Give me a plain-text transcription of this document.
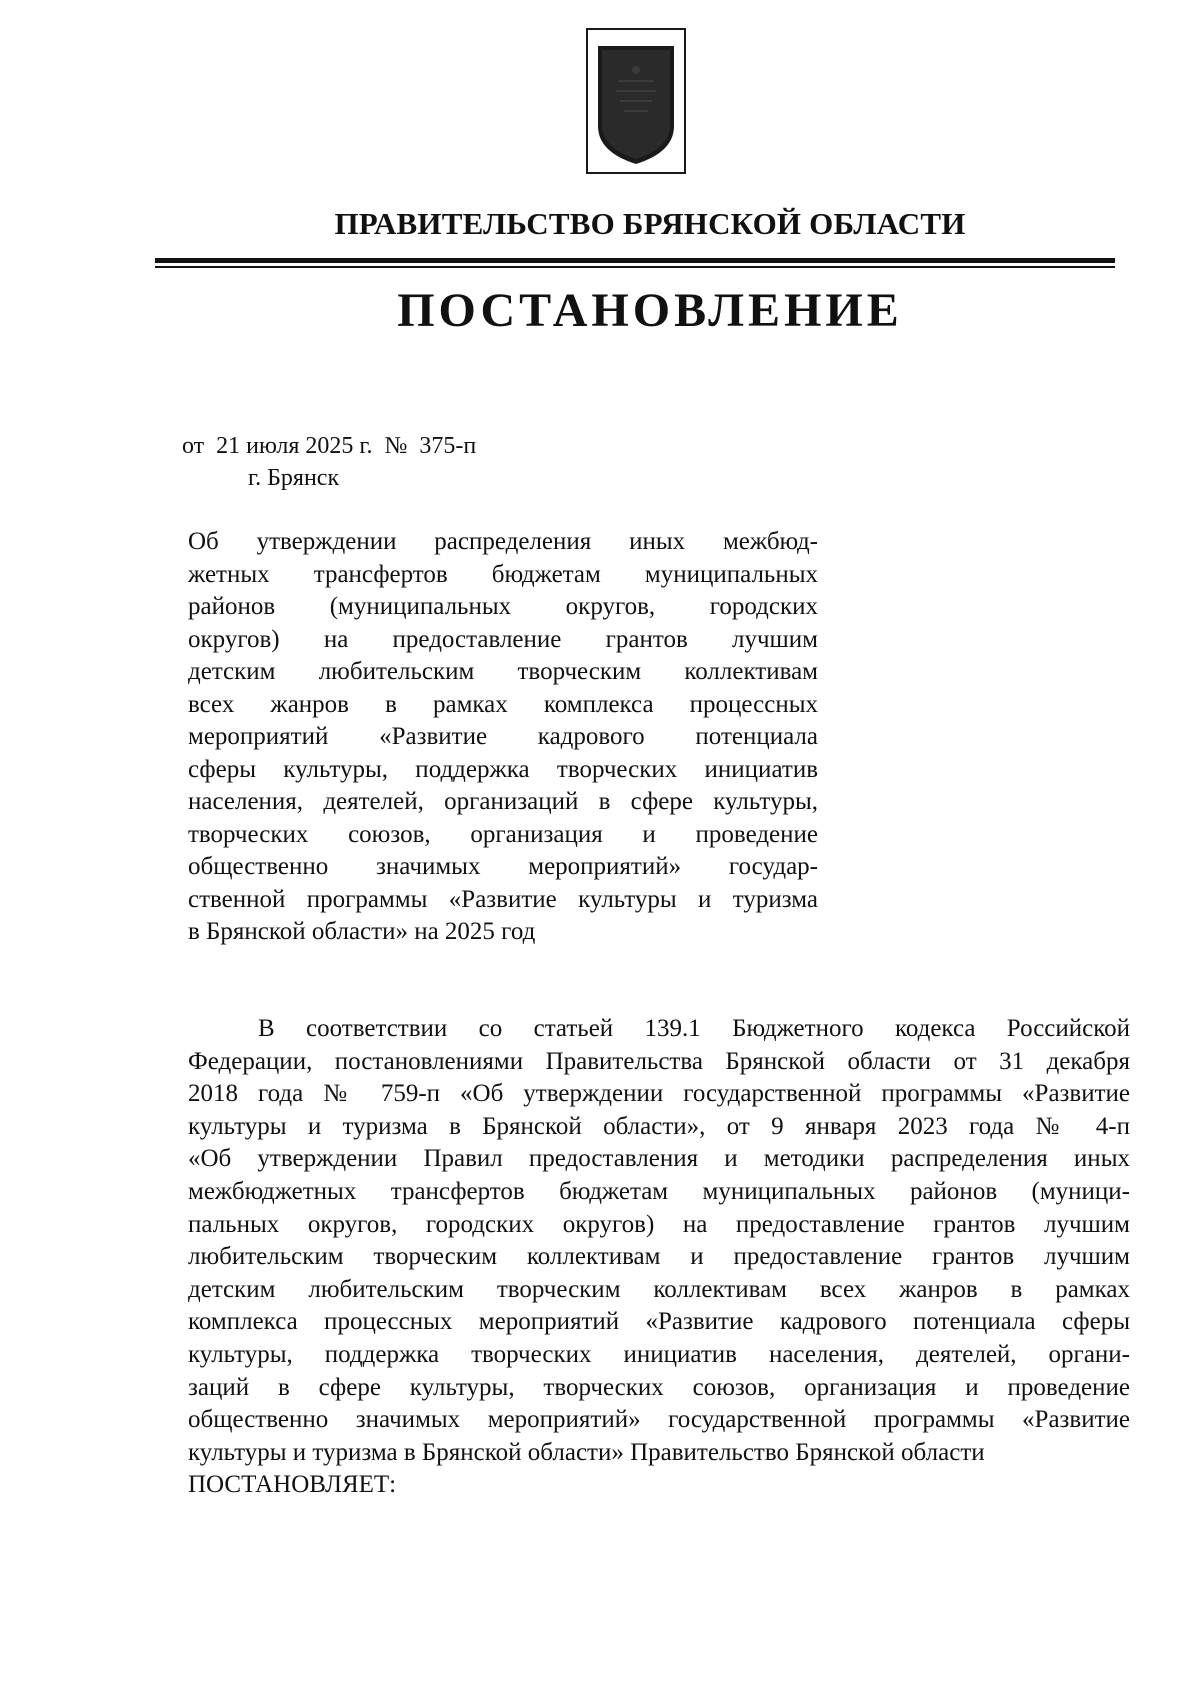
ПРАВИТЕЛЬСТВО БРЯНСКОЙ ОБЛАСТИ
ПОСТАНОВЛЕНИЕ
от 21 июля 2025 г. № 375-п
г. Брянск
Об утверждении распределения иных межбюд-
жетных трансфертов бюджетам муниципальных
районов (муниципальных округов, городских
округов) на предоставление грантов лучшим
детским любительским творческим коллективам
всех жанров в рамках комплекса процессных
мероприятий «Развитие кадрового потенциала
сферы культуры, поддержка творческих инициатив
населения, деятелей, организаций в сфере культуры,
творческих союзов, организация и проведение
общественно значимых мероприятий» государ-
ственной программы «Развитие культуры и туризма
в Брянской области» на 2025 год
В соответствии со статьей 139.1 Бюджетного кодекса Российской
Федерации, постановлениями Правительства Брянской области от 31 декабря
2018 года № 759-п «Об утверждении государственной программы «Развитие
культуры и туризма в Брянской области», от 9 января 2023 года № 4-п
«Об утверждении Правил предоставления и методики распределения иных
межбюджетных трансфертов бюджетам муниципальных районов (муници-
пальных округов, городских округов) на предоставление грантов лучшим
любительским творческим коллективам и предоставление грантов лучшим
детским любительским творческим коллективам всех жанров в рамках
комплекса процессных мероприятий «Развитие кадрового потенциала сферы
культуры, поддержка творческих инициатив населения, деятелей, органи-
заций в сфере культуры, творческих союзов, организация и проведение
общественно значимых мероприятий» государственной программы «Развитие
культуры и туризма в Брянской области» Правительство Брянской области
ПОСТАНОВЛЯЕТ:
